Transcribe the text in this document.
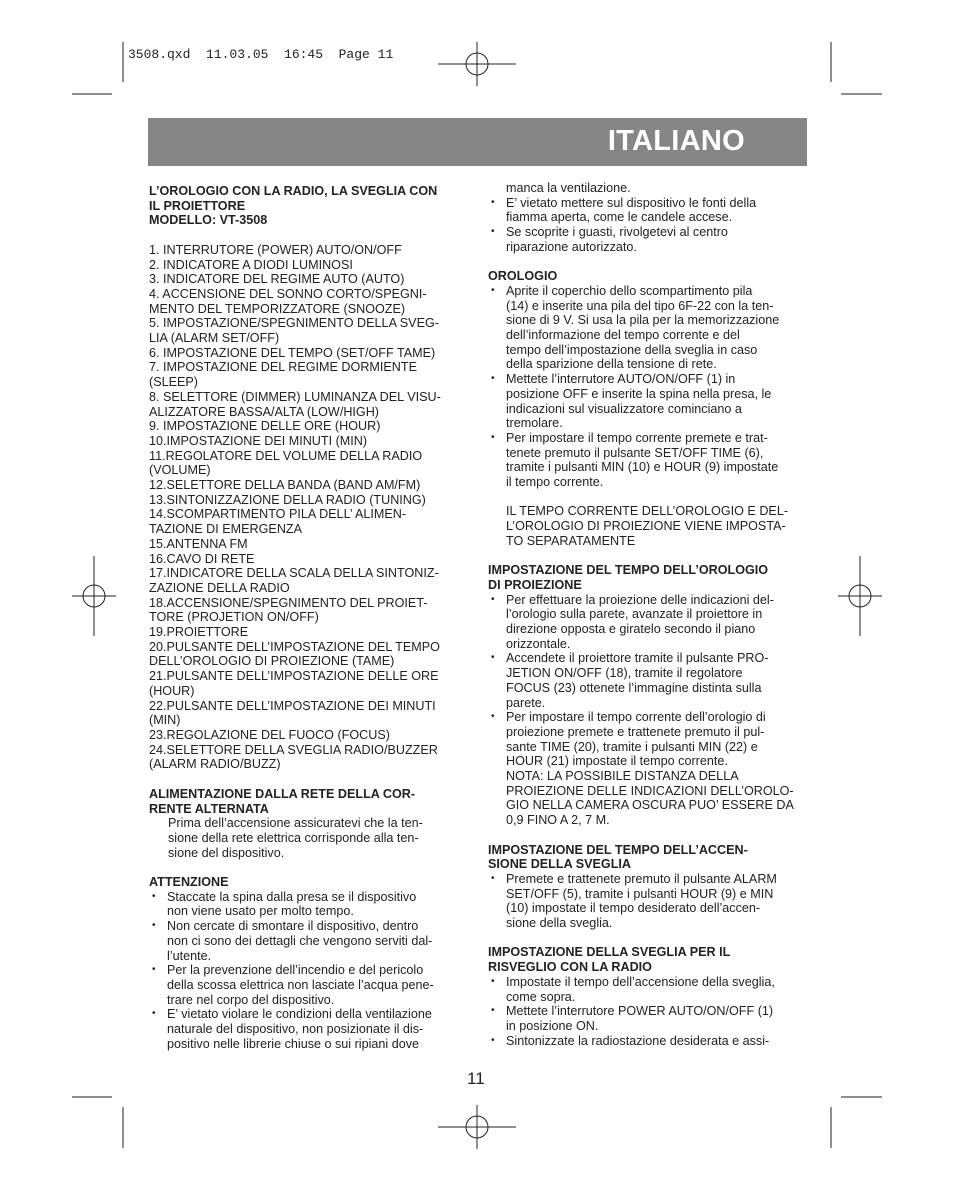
3508.qxd  11.03.05  16:45  Page 11
ITALIANO
L’OROLOGIO CON LA RADIO, LA SVEGLIA CON
IL PROIETTORE
MODELLO: VT-3508
1. INTERRUTORE (POWER) AUTO/ON/OFF
2. INDICATORE A DIODI LUMINOSI
3. INDICATORE DEL REGIME AUTO (AUTO)
4. ACCENSIONE DEL SONNO CORTO/SPEGNI-
MENTO DEL TEMPORIZZATORE (SNOOZE)
5. IMPOSTAZIONE/SPEGNIMENTO DELLA SVEG-
LIA (ALARM SET/OFF)
6. IMPOSTAZIONE DEL TEMPO (SET/OFF TAME)
7. IMPOSTAZIONE DEL REGIME DORMIENTE
(SLEEP)
8. SELETTORE (DIMMER) LUMINANZA DEL VISU-
ALIZZATORE BASSA/ALTA (LOW/HIGH)
9. IMPOSTAZIONE DELLE ORE (HOUR)
10.IMPOSTAZIONE DEI MINUTI (MIN)
11.REGOLATORE DEL VOLUME DELLA RADIO
(VOLUME)
12.SELETTORE DELLA BANDA (BAND AM/FM)
13.SINTONIZZAZIONE DELLA RADIO (TUNING)
14.SCOMPARTIMENTO PILA DELL’ ALIMEN-
TAZIONE DI EMERGENZA
15.ANTENNA FM
16.CAVO DI RETE
17.INDICATORE DELLA SCALA DELLA SINTONIZ-
ZAZIONE DELLA RADIO
18.ACCENSIONE/SPEGNIMENTO DEL PROIET-
TORE (PROJETION ON/OFF)
19.PROIETTORE
20.PULSANTE DELL’IMPOSTAZIONE DEL TEMPO
DELL’OROLOGIO DI PROIEZIONE (TAME)
21.PULSANTE DELL’IMPOSTAZIONE DELLE ORE
(HOUR)
22.PULSANTE DELL’IMPOSTAZIONE DEI MINUTI
(MIN)
23.REGOLAZIONE DEL FUOCO (FOCUS)
24.SELETTORE DELLA SVEGLIA RADIO/BUZZER
(ALARM RADIO/BUZZ)
ALIMENTAZIONE DALLA RETE DELLA COR-
RENTE ALTERNATA
Prima dell’accensione assicuratevi che la ten-
sione della rete elettrica corrisponde alla ten-
sione del dispositivo.
ATTENZIONE
• Staccate la spina dalla presa se il dispositivo
non viene usato per molto tempo.
• Non cercate di smontare il dispositivo, dentro
non ci sono dei dettagli che vengono serviti dal-
l’utente.
• Per la prevenzione dell’incendio e del pericolo
della scossa elettrica non lasciate l’acqua pene-
trare nel corpo del dispositivo.
• E’ vietato violare le condizioni della ventilazione
naturale del dispositivo, non posizionate il dis-
positivo nelle librerie chiuse o sui ripiani dove
manca la ventilazione.
• E’ vietato mettere sul dispositivo le fonti della
fiamma aperta, come le candele accese.
• Se scoprite i guasti, rivolgetevi al centro
riparazione autorizzato.
OROLOGIO
• Aprite il coperchio dello scompartimento pila
(14) e inserite una pila del tipo 6F-22 con la ten-
sione di 9 V. Si usa la pila per la memorizzazione
dell’informazione del tempo corrente e del
tempo dell’impostazione della sveglia in caso
della sparizione della tensione di rete.
• Mettete l’interrutore AUTO/ON/OFF (1) in
posizione OFF e inserite la spina nella presa, le
indicazioni sul visualizzatore cominciano a
tremolare.
• Per impostare il tempo corrente premete e trat-
tenete premuto il pulsante SET/OFF TIME (6),
tramite i pulsanti MIN (10) e HOUR (9) impostate
il tempo corrente.
IL TEMPO CORRENTE DELL’OROLOGIO E DEL-
L’OROLOGIO DI PROIEZIONE VIENE IMPOSTA-
TO SEPARATAMENTE
IMPOSTAZIONE DEL TEMPO DELL’OROLOGIO
DI PROIEZIONE
• Per effettuare la proiezione delle indicazioni del-
l’orologio sulla parete, avanzate il proiettore in
direzione opposta e giratelo secondo il piano
orizzontale.
• Accendete il proiettore tramite il pulsante PRO-
JETION ON/OFF (18), tramite il regolatore
FOCUS (23) ottenete l’immagine distinta sulla
parete.
• Per impostare il tempo corrente dell’orologio di
proiezione premete e trattenete premuto il pul-
sante TIME (20), tramite i pulsanti MIN (22) e
HOUR (21) impostate il tempo corrente.
NOTA: LA POSSIBILE DISTANZA DELLA
PROIEZIONE DELLE INDICAZIONI DELL’OROLO-
GIO NELLA CAMERA OSCURA PUO’ ESSERE DA
0,9 FINO A 2, 7 M.
IMPOSTAZIONE DEL TEMPO DELL’ACCEN-
SIONE DELLA SVEGLIA
• Premete e trattenete premuto il pulsante ALARM
SET/OFF (5), tramite i pulsanti HOUR (9) e MIN
(10) impostate il tempo desiderato dell’accen-
sione della sveglia.
IMPOSTAZIONE DELLA SVEGLIA PER IL
RISVEGLIO CON LA RADIO
• Impostate il tempo dell’accensione della sveglia,
come sopra.
• Mettete l’interrutore POWER AUTO/ON/OFF (1)
in posizione ON.
• Sintonizzate la radiostazione desiderata e assi-
11
